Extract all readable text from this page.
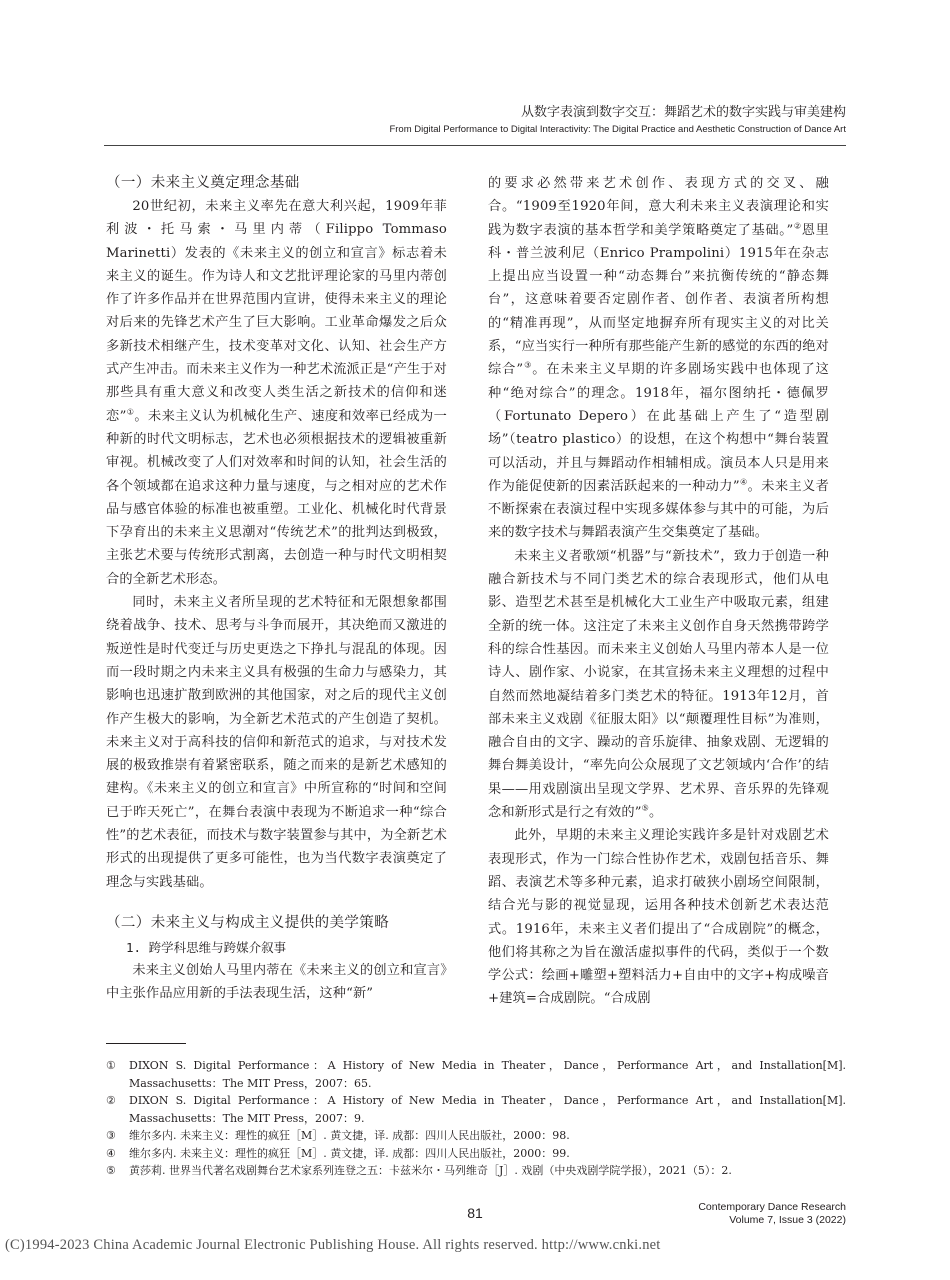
从数字表演到数字交互：舞蹈艺术的数字实践与审美建构
From Digital Performance to Digital Interactivity: The Digital Practice and Aesthetic Construction of Dance Art
（一）未来主义奠定理念基础

20世纪初，未来主义率先在意大利兴起，1909年菲利波・托马索・马里内蒂（Filippo Tommaso Marinetti）发表的《未来主义的创立和宣言》标志着未来主义的诞生。作为诗人和文艺批评理论家的马里内蒂创作了许多作品并在世界范围内宣讲，使得未来主义的理论对后来的先锋艺术产生了巨大影响。工业革命爆发之后众多新技术相继产生，技术变革对文化、认知、社会生产方式产生冲击。而未来主义作为一种艺术流派正是“产生于对那些具有重大意义和改变人类生活之新技术的信仰和迷恋”①。未来主义认为机械化生产、速度和效率已经成为一种新的时代文明标志，艺术也必须根据技术的逻辑被重新审视。机械改变了人们对效率和时间的认知，社会生活的各个领域都在追求这种力量与速度，与之相对应的艺术作品与感官体验的标准也被重塑。工业化、机械化时代背景下孕育出的未来主义思潮对“传统艺术”的批判达到极致，主张艺术要与传统形式割离，去创造一种与时代文明相契合的全新艺术形态。

同时，未来主义者所呈现的艺术特征和无限想象都围绕着战争、技术、思考与斗争而展开，其决绝而又激进的叛逆性是时代变迁与历史更迭之下挣扎与混乱的体现。因而一段时期之内未来主义具有极强的生命力与感染力，其影响也迅速扩散到欧洲的其他国家，对之后的现代主义创作产生极大的影响，为全新艺术范式的产生创造了契机。未来主义对于高科技的信仰和新范式的追求，与对技术发展的极致推崇有着紧密联系，随之而来的是新艺术感知的建构。《未来主义的创立和宣言》中所宣称的“时间和空间已于昨天死亡”，在舞台表演中表现为不断追求一种“综合性”的艺术表征，而技术与数字装置参与其中，为全新艺术形式的出现提供了更多可能性，也为当代数字表演奠定了理念与实践基础。

（二）未来主义与构成主义提供的美学策略
1. 跨学科思维与跨媒介叙事

未来主义创始人马里内蒂在《未来主义的创立和宣言》中主张作品应用新的手法表现生活，这种“新”

的要求必然带来艺术创作、表现方式的交叉、融合。“1909至1920年间，意大利未来主义表演理论和实践为数字表演的基本哲学和美学策略奠定了基础。”②恩里科・普兰波利尼（Enrico Prampolini）1915年在杂志上提出应当设置一种“动态舞台”来抗衡传统的“静态舞台”，这意味着要否定剧作者、创作者、表演者所构想的“精准再现”，从而坚定地摒弃所有现实主义的对比关系，“应当实行一种所有那些能产生新的感觉的东西的绝对综合”③。在未来主义早期的许多剧场实践中也体现了这种“绝对综合”的理念。1918年，福尔图纳托・德佩罗（Fortunato Depero）在此基础上产生了“造型剧场”（teatro plastico）的设想，在这个构想中“舞台装置可以活动，并且与舞蹈动作相辅相成。演员本人只是用来作为能促使新的因素活跃起来的一种动力”④。未来主义者不断探索在表演过程中实现多媒体参与其中的可能，为后来的数字技术与舞蹈表演产生交集奠定了基础。

未来主义者歌颂“机器”与“新技术”，致力于创造一种融合新技术与不同门类艺术的综合表现形式，他们从电影、造型艺术甚至是机械化大工业生产中吸取元素，组建全新的统一体。这注定了未来主义创作自身天然携带跨学科的综合性基因。而未来主义创始人马里内蒂本人是一位诗人、剧作家、小说家，在其宣扬未来主义理想的过程中自然而然地凝结着多门类艺术的特征。1913年12月，首部未来主义戏剧《征服太阳》以“颠覆理性目标”为准则，融合自由的文字、躁动的音乐旋律、抽象戏剧、无逻辑的舞台舞美设计，“率先向公众展现了文艺领域内‘合作’的结果——用戏剧演出呈现文学界、艺术界、音乐界的先锋观念和新形式是行之有效的”⑤。

此外，早期的未来主义理论实践许多是针对戏剧艺术表现形式，作为一门综合性协作艺术，戏剧包括音乐、舞蹈、表演艺术等多种元素，追求打破狭小剧场空间限制，结合光与影的视觉显现，运用各种技术创新艺术表达范式。1916年，未来主义者们提出了“合成剧院”的概念，他们将其称之为旨在激活虚拟事件的代码，类似于一个数学公式：绘画+雕塑+塑料活力+自由中的文字+构成噪音+建筑=合成剧院。“合成剧

① DIXON S. Digital Performance：A History of New Media in Theater，Dance，Performance Art，and Installation[M]. Massachusetts：The MIT Press，2007：65.
② DIXON S. Digital Performance：A History of New Media in Theater，Dance，Performance Art，and Installation[M]. Massachusetts：The MIT Press，2007：9.
③ 维尔多内. 未来主义：理性的疯狂［M］. 黄文捷，译. 成都：四川人民出版社，2000：98.
④ 维尔多内. 未来主义：理性的疯狂［M］. 黄文捷，译. 成都：四川人民出版社，2000：99.
⑤ 黄莎莉. 世界当代著名戏剧舞台艺术家系列连登之五：卡兹米尔・马列维奇［J］. 戏剧（中央戏剧学院学报），2021（5）：2.
81	Contemporary Dance Research
Volume 7, Issue 3 (2022)
(C)1994-2023 China Academic Journal Electronic Publishing House. All rights reserved. http://www.cnki.net
